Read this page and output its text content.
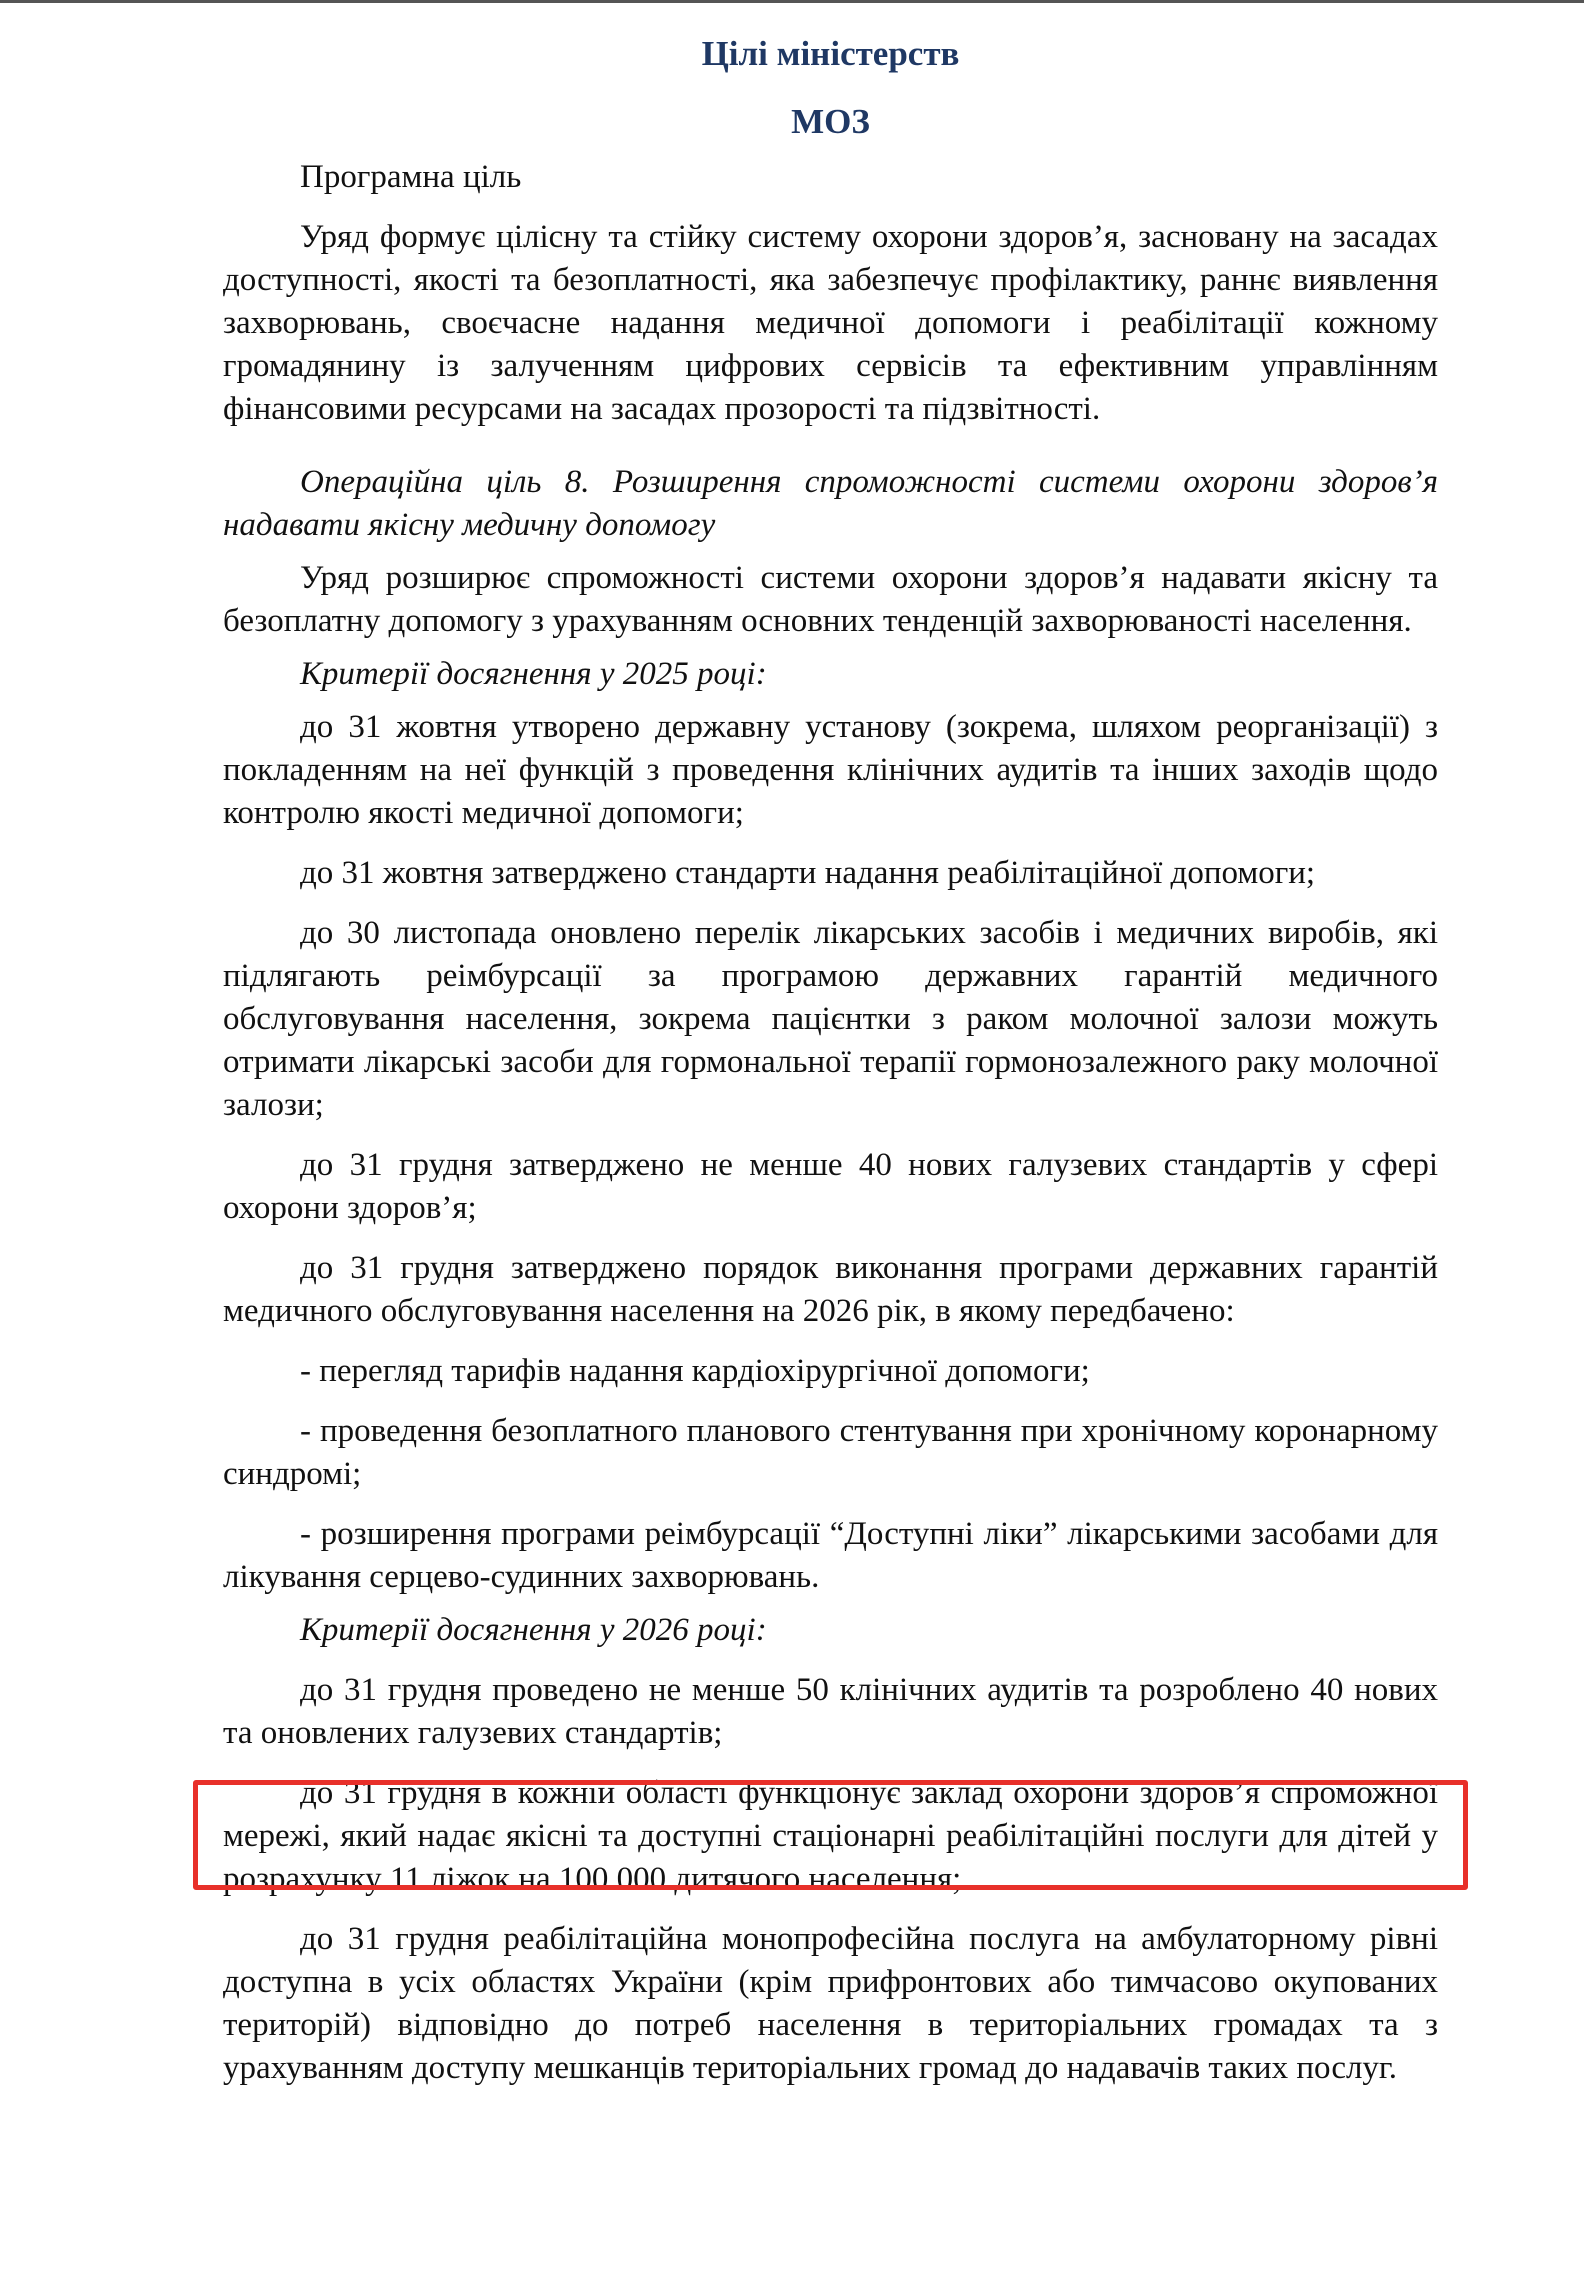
Цілі міністерств
МОЗ

Програмна ціль

Уряд формує цілісну та стійку систему охорони здоров’я, засновану на засадах доступності, якості та безоплатності, яка забезпечує профілактику, раннє виявлення захворювань, своєчасне надання медичної допомоги і реабілітації кожному громадянину із залученням цифрових сервісів та ефективним управлінням фінансовими ресурсами на засадах прозорості та підзвітності.

Операційна ціль 8. Розширення спроможності системи охорони здоров’я надавати якісну медичну допомогу

Уряд розширює спроможності системи охорони здоров’я надавати якісну та безоплатну допомогу з урахуванням основних тенденцій захворюваності населення.

Критерії досягнення у 2025 році:

до 31 жовтня утворено державну установу (зокрема, шляхом реорганізації) з покладенням на неї функцій з проведення клінічних аудитів та інших заходів щодо контролю якості медичної допомоги;

до 31 жовтня затверджено стандарти надання реабілітаційної допомоги;

до 30 листопада оновлено перелік лікарських засобів і медичних виробів, які підлягають реімбурсації за програмою державних гарантій медичного обслуговування населення, зокрема пацієнтки з раком молочної залози можуть отримати лікарські засоби для гормональної терапії гормонозалежного раку молочної залози;

до 31 грудня затверджено не менше 40 нових галузевих стандартів у сфері охорони здоров’я;

до 31 грудня затверджено порядок виконання програми державних гарантій медичного обслуговування населення на 2026 рік, в якому передбачено:

- перегляд тарифів надання кардіохірургічної допомоги;

- проведення безоплатного планового стентування при хронічному коронарному синдромі;

- розширення програми реімбурсації “Доступні ліки” лікарськими засобами для лікування серцево-судинних захворювань.

Критерії досягнення у 2026 році:

до 31 грудня проведено не менше 50 клінічних аудитів та розроблено 40 нових та оновлених галузевих стандартів;

до 31 грудня в кожній області функціонує заклад охорони здоров’я спроможної мережі, який надає якісні та доступні стаціонарні реабілітаційні послуги для дітей у розрахунку 11 ліжок на 100 000 дитячого населення;

до 31 грудня реабілітаційна монопрофесійна послуга на амбулаторному рівні доступна в усіх областях України (крім прифронтових або тимчасово окупованих територій) відповідно до потреб населення в територіальних громадах та з урахуванням доступу мешканців територіальних громад до надавачів таких послуг.
